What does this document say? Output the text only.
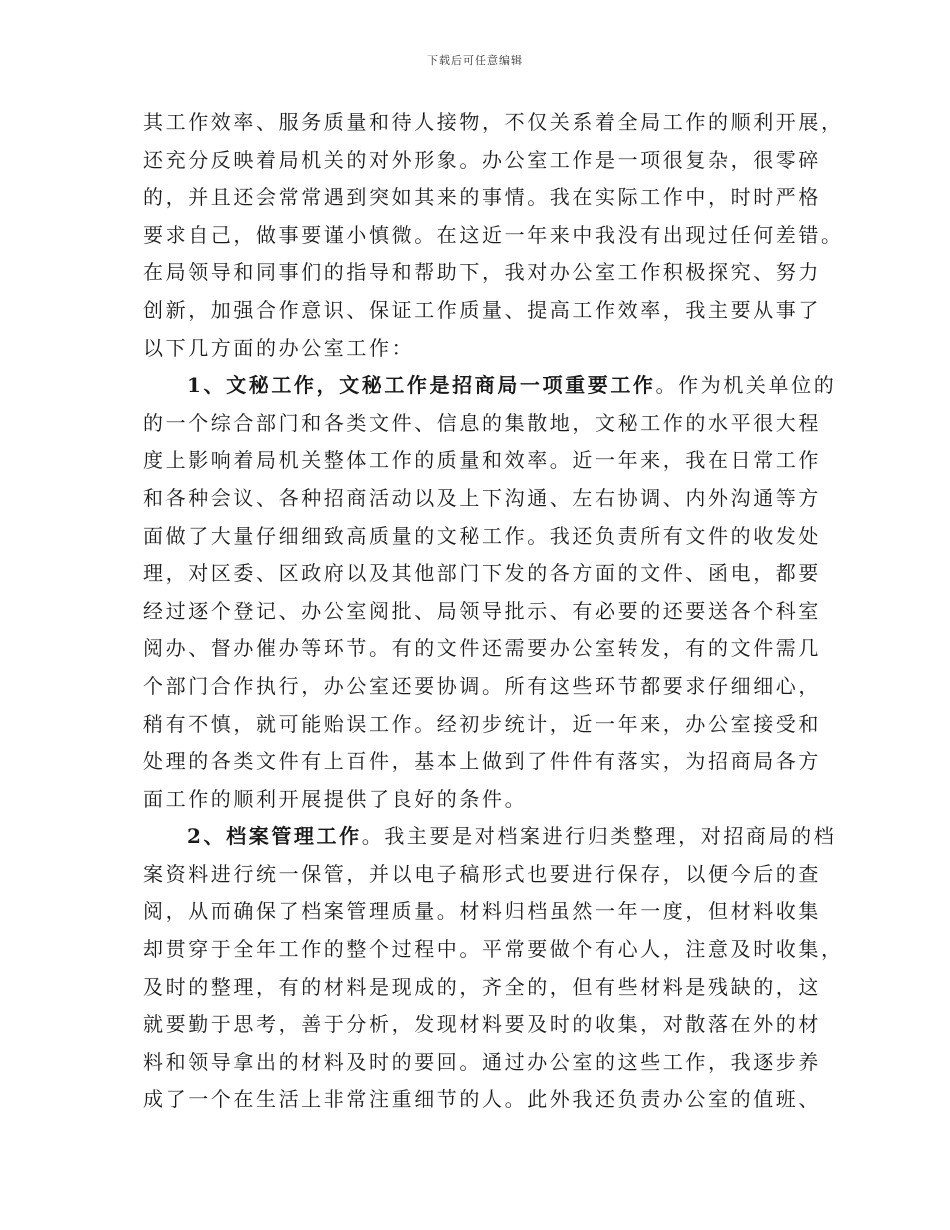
下载后可任意编辑
其工作效率、服务质量和待人接物，不仅关系着全局工作的顺利开展，
还充分反映着局机关的对外形象。办公室工作是一项很复杂，很零碎
的，并且还会常常遇到突如其来的事情。我在实际工作中，时时严格
要求自己，做事要谨小慎微。在这近一年来中我没有出现过任何差错。
在局领导和同事们的指导和帮助下，我对办公室工作积极探究、努力
创新，加强合作意识、保证工作质量、提高工作效率，我主要从事了
以下几方面的办公室工作：
1、文秘工作，文秘工作是招商局一项重要工作。作为机关单位的
的一个综合部门和各类文件、信息的集散地，文秘工作的水平很大程
度上影响着局机关整体工作的质量和效率。近一年来，我在日常工作
和各种会议、各种招商活动以及上下沟通、左右协调、内外沟通等方
面做了大量仔细细致高质量的文秘工作。我还负责所有文件的收发处
理，对区委、区政府以及其他部门下发的各方面的文件、函电，都要
经过逐个登记、办公室阅批、局领导批示、有必要的还要送各个科室
阅办、督办催办等环节。有的文件还需要办公室转发，有的文件需几
个部门合作执行，办公室还要协调。所有这些环节都要求仔细细心，
稍有不慎，就可能贻误工作。经初步统计，近一年来，办公室接受和
处理的各类文件有上百件，基本上做到了件件有落实，为招商局各方
面工作的顺利开展提供了良好的条件。
2、档案管理工作。我主要是对档案进行归类整理，对招商局的档
案资料进行统一保管，并以电子稿形式也要进行保存，以便今后的查
阅，从而确保了档案管理质量。材料归档虽然一年一度，但材料收集
却贯穿于全年工作的整个过程中。平常要做个有心人，注意及时收集，
及时的整理，有的材料是现成的，齐全的，但有些材料是残缺的，这
就要勤于思考，善于分析，发现材料要及时的收集，对散落在外的材
料和领导拿出的材料及时的要回。通过办公室的这些工作，我逐步养
成了一个在生活上非常注重细节的人。此外我还负责办公室的值班、
